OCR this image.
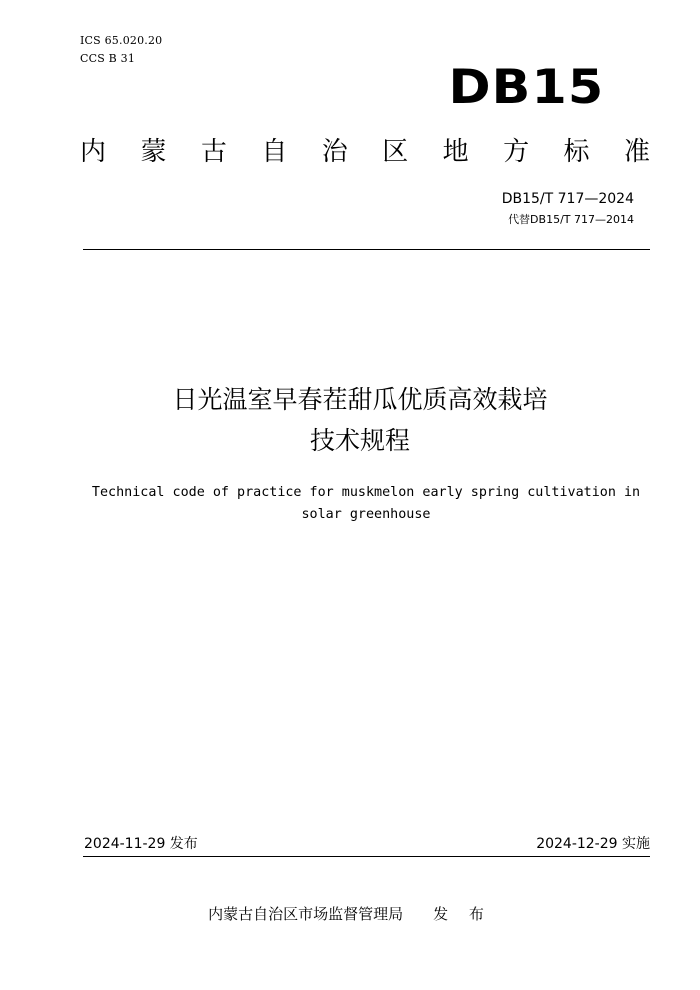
ICS 65.020.20
CCS B 31
DB15
内 蒙 古 自 治 区 地 方 标 准
DB15/T 717—2024
代替DB15/T 717—2014
日光温室早春茬甜瓜优质高效栽培
技术规程
Technical code of practice for muskmelon early spring cultivation in
solar greenhouse
2024-11-29 发布	2024-12-29 实施
内蒙古自治区市场监督管理局 发 布
